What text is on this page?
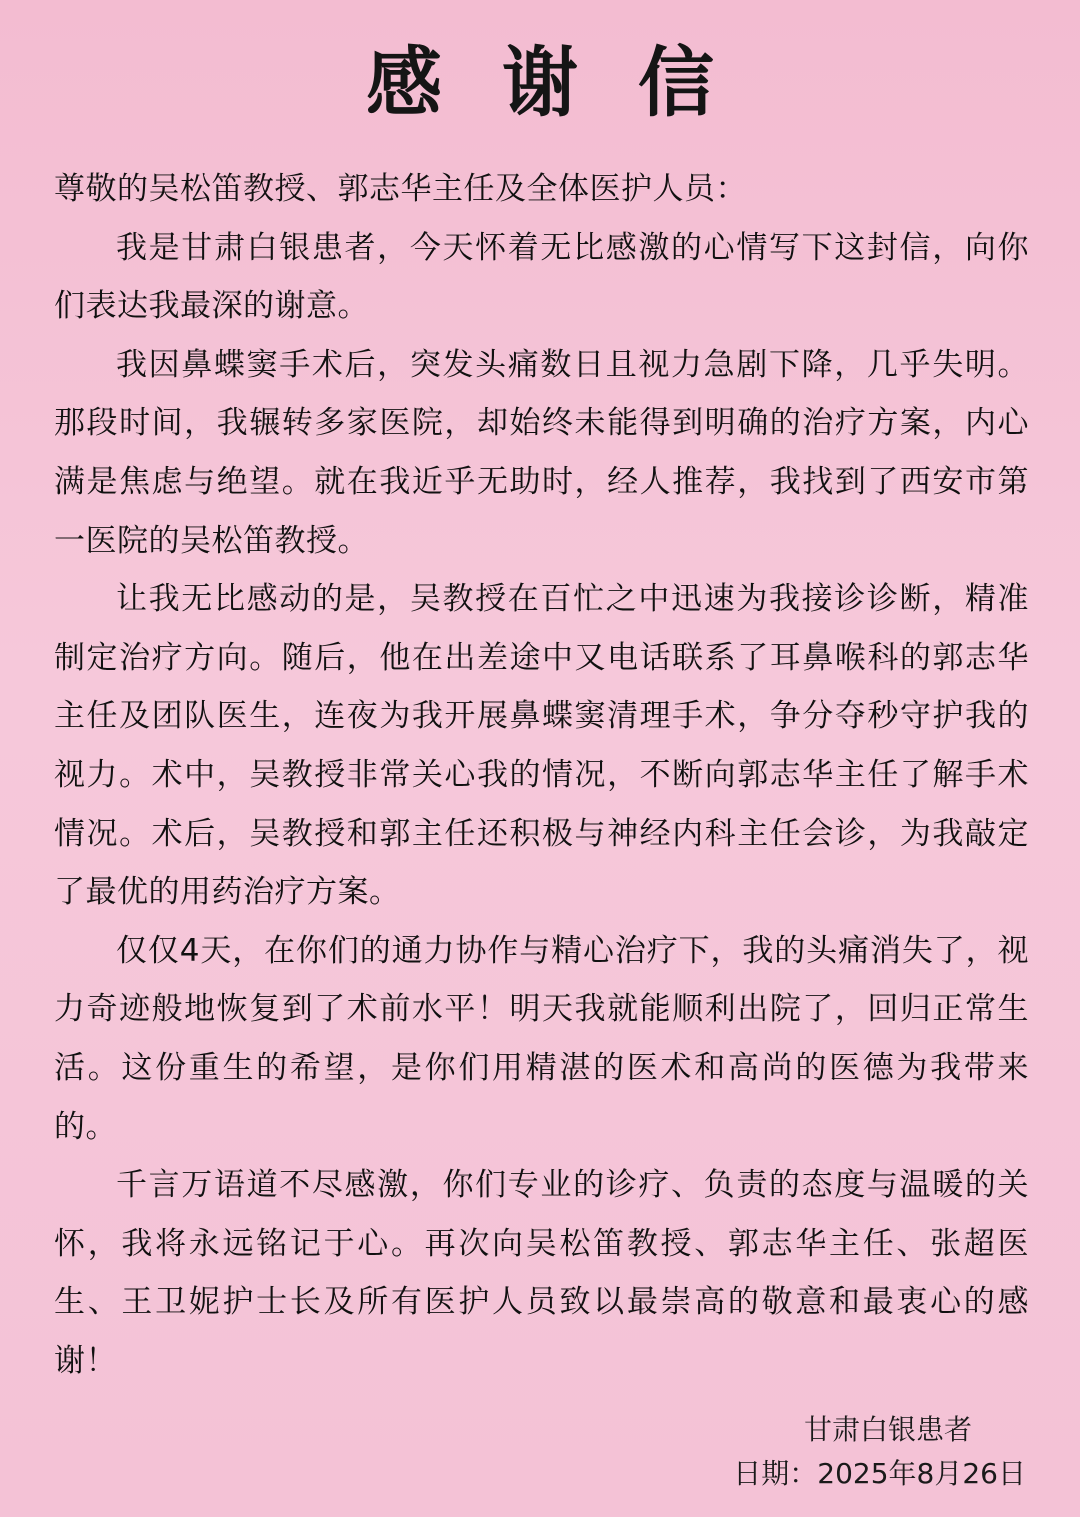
感谢信

尊敬的吴松笛教授、郭志华主任及全体医护人员：

我是甘肃白银患者，今天怀着无比感激的心情写下这封信，向你们表达我最深的谢意。

我因鼻蝶窦手术后，突发头痛数日且视力急剧下降，几乎失明。那段时间，我辗转多家医院，却始终未能得到明确的治疗方案，内心满是焦虑与绝望。就在我近乎无助时，经人推荐，我找到了西安市第一医院的吴松笛教授。

让我无比感动的是，吴教授在百忙之中迅速为我接诊诊断，精准制定治疗方向。随后，他在出差途中又电话联系了耳鼻喉科的郭志华主任及团队医生，连夜为我开展鼻蝶窦清理手术，争分夺秒守护我的视力。术中，吴教授非常关心我的情况，不断向郭志华主任了解手术情况。术后，吴教授和郭主任还积极与神经内科主任会诊，为我敲定了最优的用药治疗方案。

仅仅4天，在你们的通力协作与精心治疗下，我的头痛消失了，视力奇迹般地恢复到了术前水平！明天我就能顺利出院了，回归正常生活。这份重生的希望，是你们用精湛的医术和高尚的医德为我带来的。

千言万语道不尽感激，你们专业的诊疗、负责的态度与温暖的关怀，我将永远铭记于心。再次向吴松笛教授、郭志华主任、张超医生、王卫妮护士长及所有医护人员致以最崇高的敬意和最衷心的感谢！

甘肃白银患者
日期：2025年8月26日
